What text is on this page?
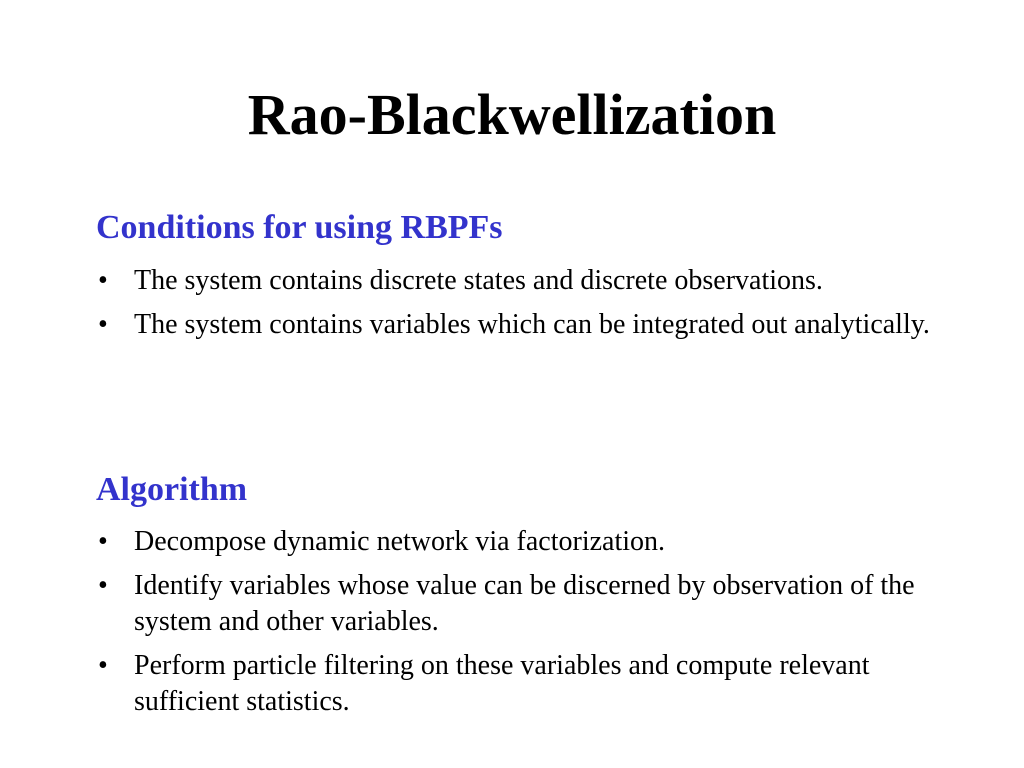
Rao-Blackwellization
Conditions for using RBPFs
• The system contains discrete states and discrete observations.
• The system contains variables which can be integrated out analytically.
Algorithm
• Decompose dynamic network via factorization.
• Identify variables whose value can be discerned by observation of the system and other variables.
• Perform particle filtering on these variables and compute relevant sufficient statistics.
